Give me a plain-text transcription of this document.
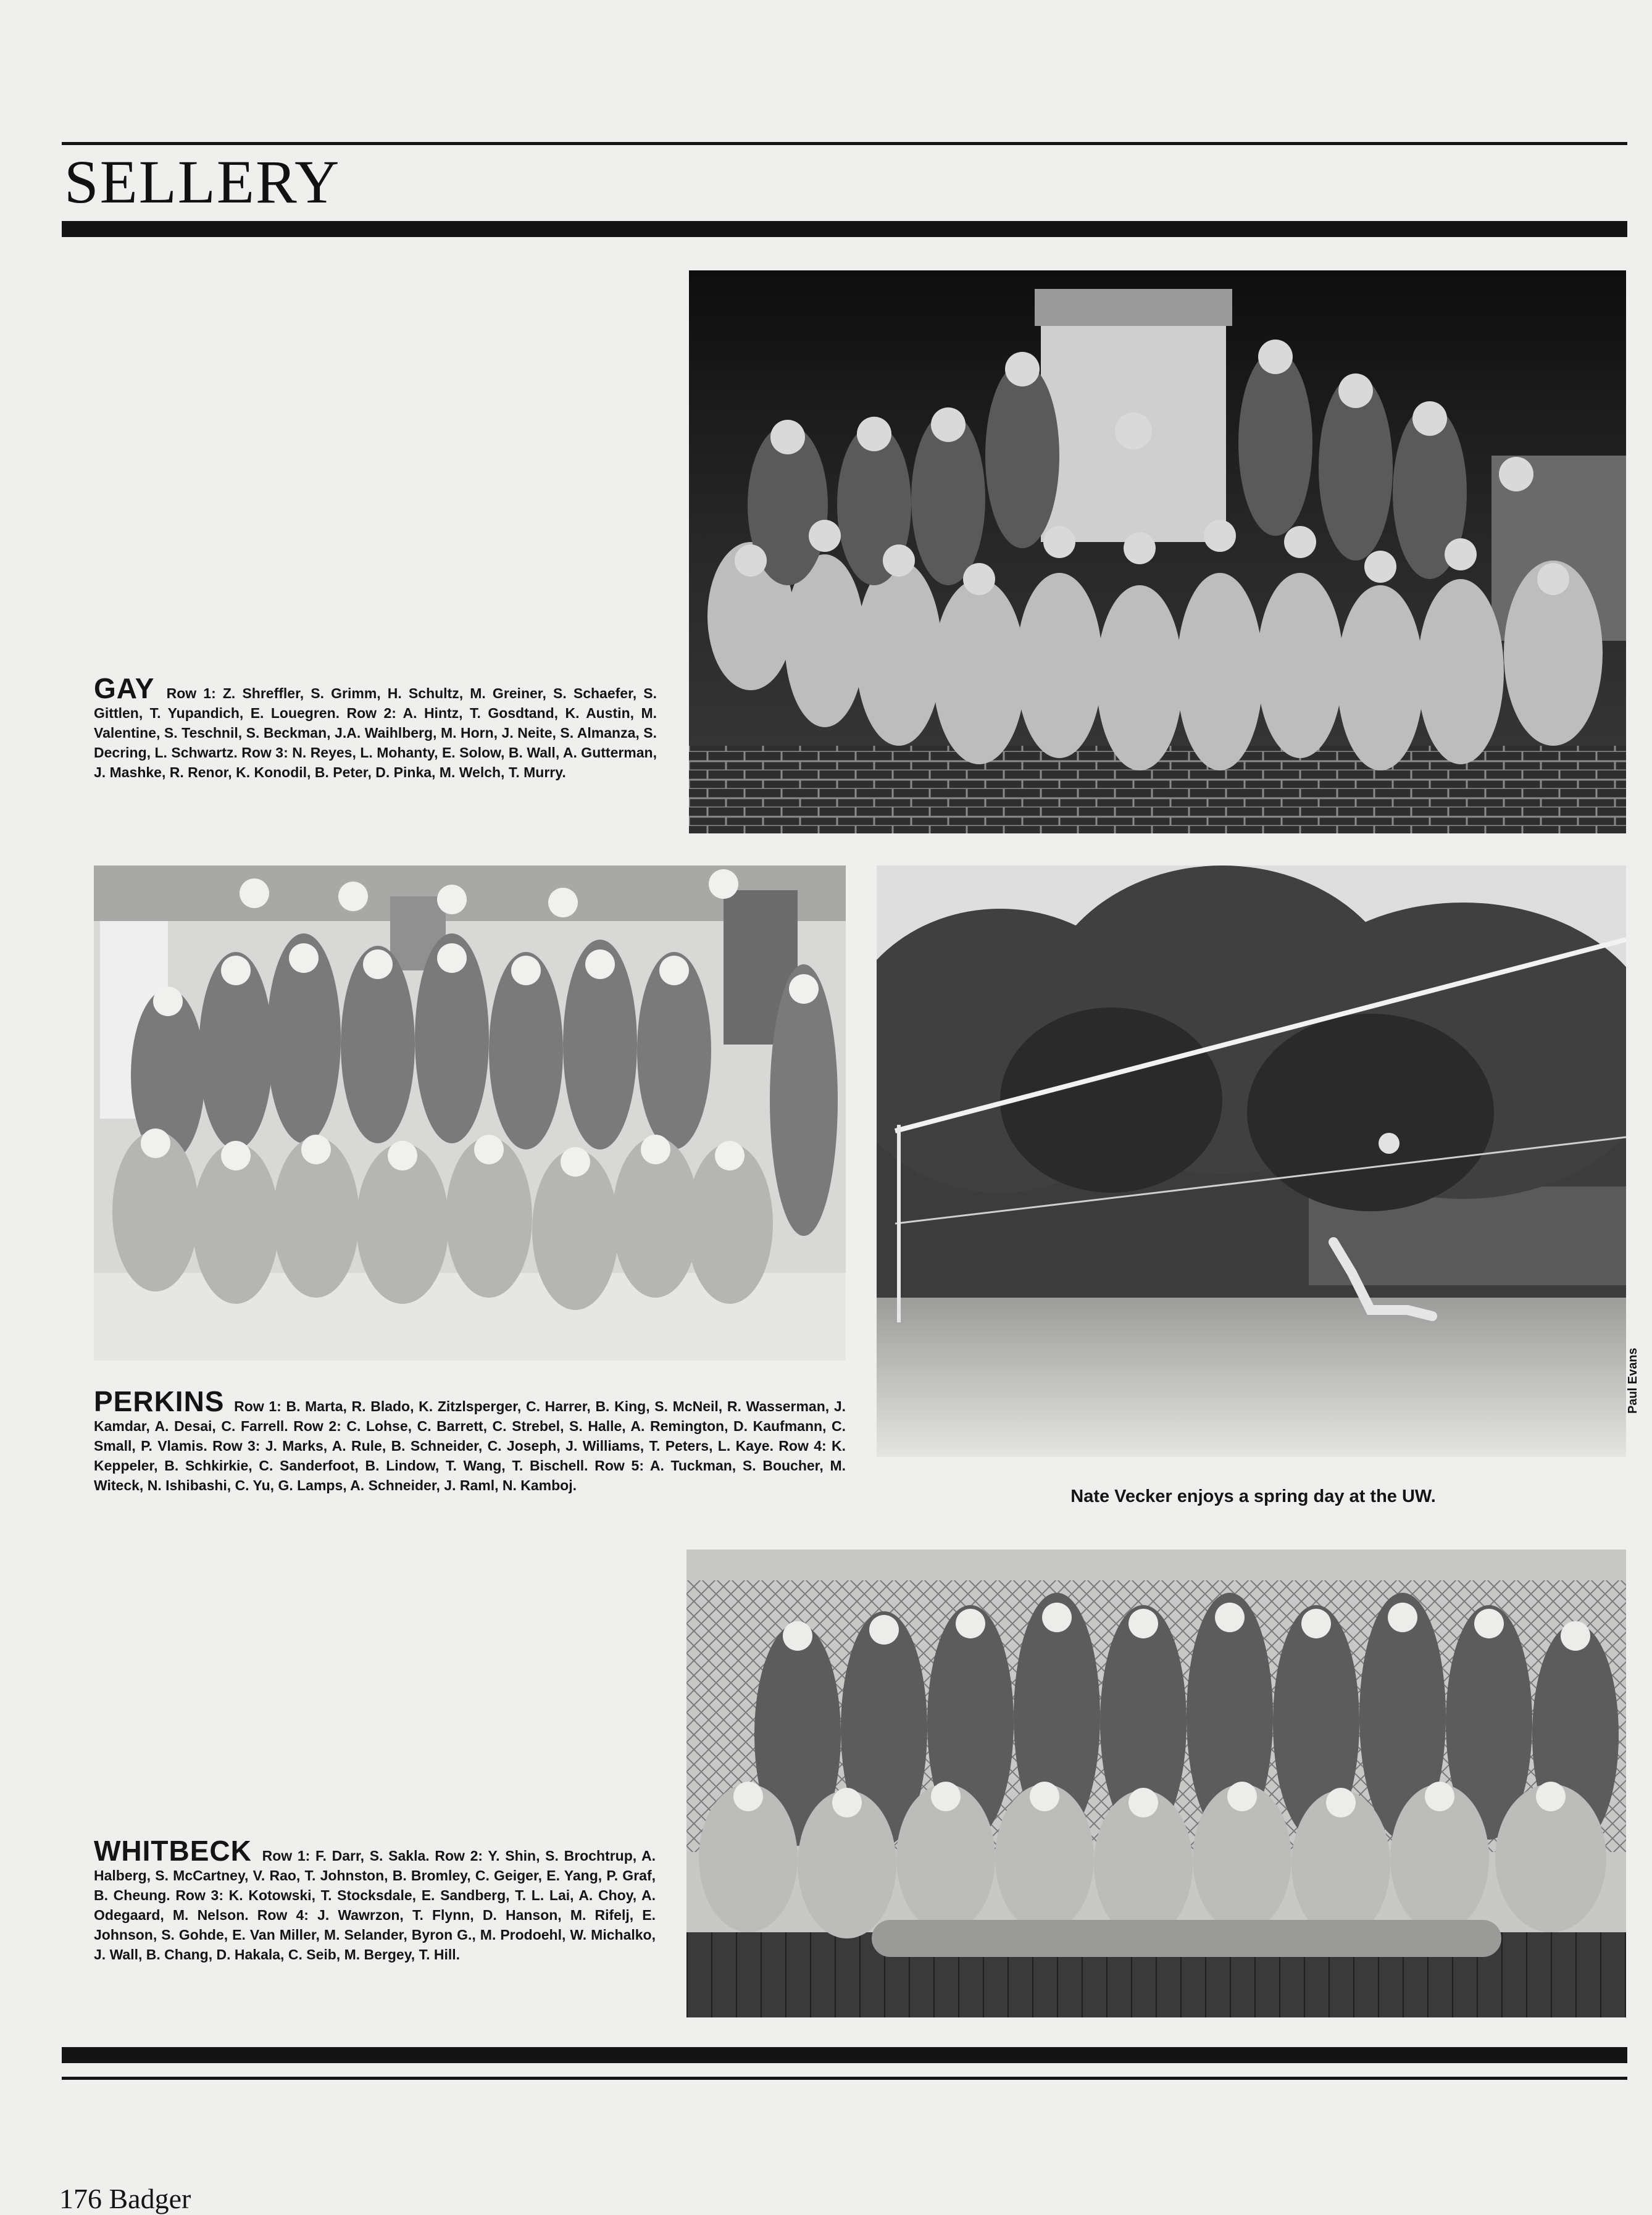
SELLERY
GAY Row 1: Z. Shreffler, S. Grimm, H. Schultz, M. Greiner, S. Schaefer, S. Gittlen, T. Yupandich, E. Louegren. Row 2: A. Hintz, T. Gosdtand, K. Austin, M. Valentine, S. Teschnil, S. Beckman, J.A. Waihlberg, M. Horn, J. Neite, S. Almanza, S. Decring, L. Schwartz. Row 3: N. Reyes, L. Mohanty, E. Solow, B. Wall, A. Gutterman, J. Mashke, R. Renor, K. Konodil, B. Peter, D. Pinka, M. Welch, T. Murry.
PERKINS Row 1: B. Marta, R. Blado, K. Zitzlsperger, C. Harrer, B. King, S. McNeil, R. Wasserman, J. Kamdar, A. Desai, C. Farrell. Row 2: C. Lohse, C. Barrett, C. Strebel, S. Halle, A. Remington, D. Kaufmann, C. Small, P. Vlamis. Row 3: J. Marks, A. Rule, B. Schneider, C. Joseph, J. Williams, T. Peters, L. Kaye. Row 4: K. Keppeler, B. Schkirkie, C. Sanderfoot, B. Lindow, T. Wang, T. Bischell. Row 5: A. Tuckman, S. Boucher, M. Witeck, N. Ishibashi, C. Yu, G. Lamps, A. Schneider, J. Raml, N. Kamboj.
Nate Vecker enjoys a spring day at the UW.
Paul Evans
WHITBECK Row 1: F. Darr, S. Sakla. Row 2: Y. Shin, S. Brochtrup, A. Halberg, S. McCartney, V. Rao, T. Johnston, B. Bromley, C. Geiger, E. Yang, P. Graf, B. Cheung. Row 3: K. Kotowski, T. Stocksdale, E. Sandberg, T. L. Lai, A. Choy, A. Odegaard, M. Nelson. Row 4: J. Wawrzon, T. Flynn, D. Hanson, M. Rifelj, E. Johnson, S. Gohde, E. Van Miller, M. Selander, Byron G., M. Prodoehl, W. Michalko, J. Wall, B. Chang, D. Hakala, C. Seib, M. Bergey, T. Hill.
176 Badger
